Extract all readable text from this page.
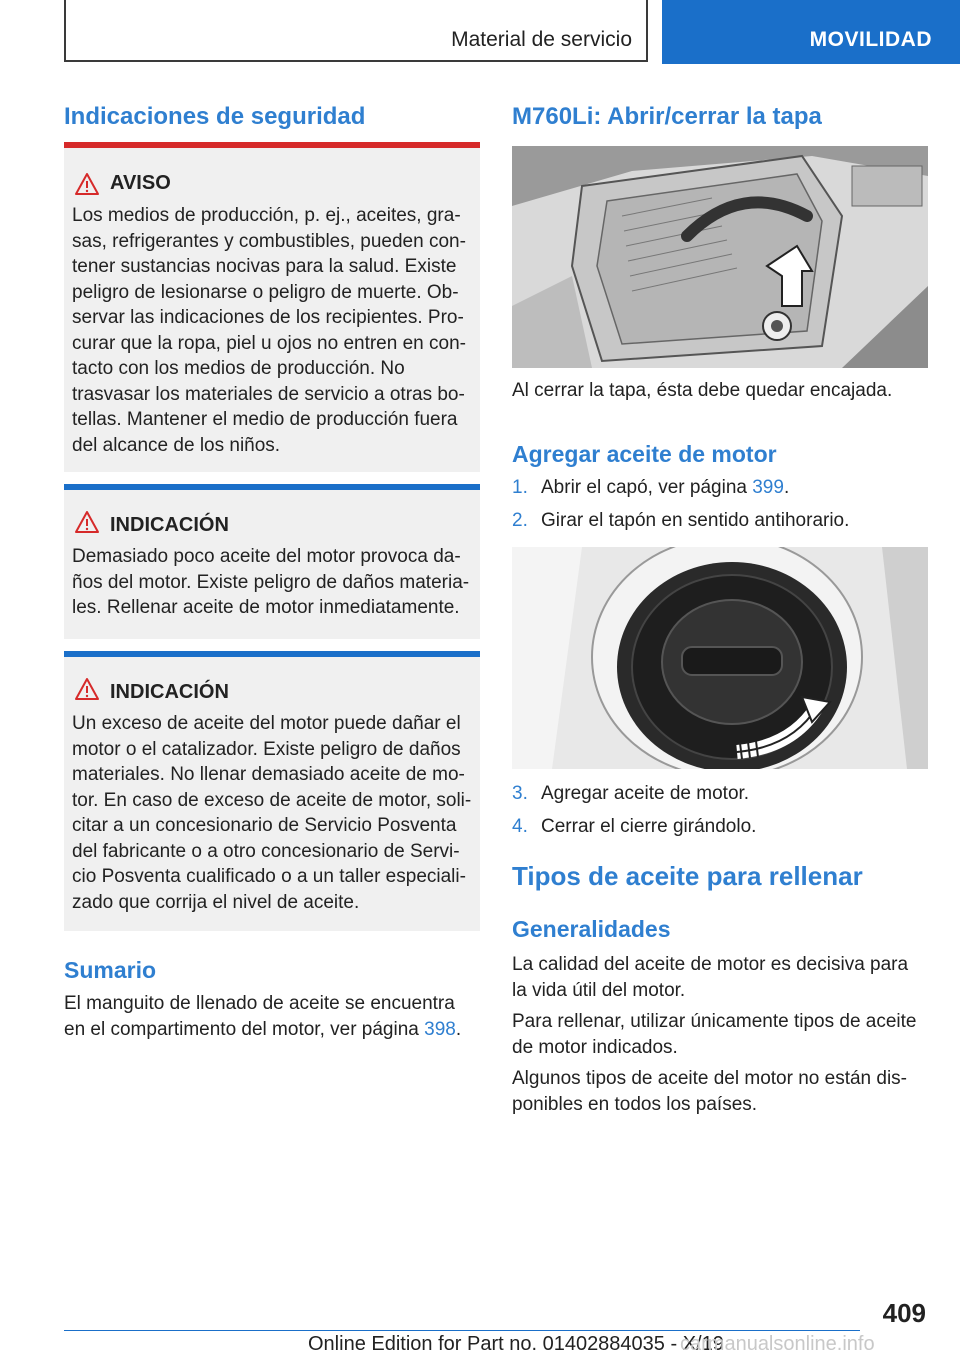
Material de servicio	MOVILIDAD
Indicaciones de seguridad
AVISO

Los medios de producción, p. ej., aceites, gra-sas, refrigerantes y combustibles, pueden con-tener sustancias nocivas para la salud. Existe peligro de lesionarse o peligro de muerte. Ob-servar las indicaciones de los recipientes. Pro-curar que la ropa, piel u ojos no entren en con-tacto con los medios de producción. No trasvasar los materiales de servicio a otras bo-tellas. Mantener el medio de producción fuera del alcance de los niños.

INDICACIÓN

Demasiado poco aceite del motor provoca da-ños del motor. Existe peligro de daños materia-les. Rellenar aceite de motor inmediatamente.

INDICACIÓN

Un exceso de aceite del motor puede dañar el motor o el catalizador. Existe peligro de daños materiales. No llenar demasiado aceite de mo-tor. En caso de exceso de aceite de motor, soli-citar a un concesionario de Servicio Posventa del fabricante o a otro concesionario de Servi-cio Posventa cualificado o a un taller especiali-zado que corrija el nivel de aceite.

Sumario

El manguito de llenado de aceite se encuentra en el compartimento del motor, ver página 398.

M760Li: Abrir/cerrar la tapa

Al cerrar la tapa, ésta debe quedar encajada.

Agregar aceite de motor
1. Abrir el capó, ver página 399.
2. Girar el tapón en sentido antihorario.
3. Agregar aceite de motor.
4. Cerrar el cierre girándolo.
Tipos de aceite para rellenar
Generalidades

La calidad del aceite de motor es decisiva para la vida útil del motor.

Para rellenar, utilizar únicamente tipos de aceite de motor indicados.

Algunos tipos de aceite del motor no están dis-ponibles en todos los países.

409
Online Edition for Part no. 01402884035 - X/19
carmanualsonline.info
